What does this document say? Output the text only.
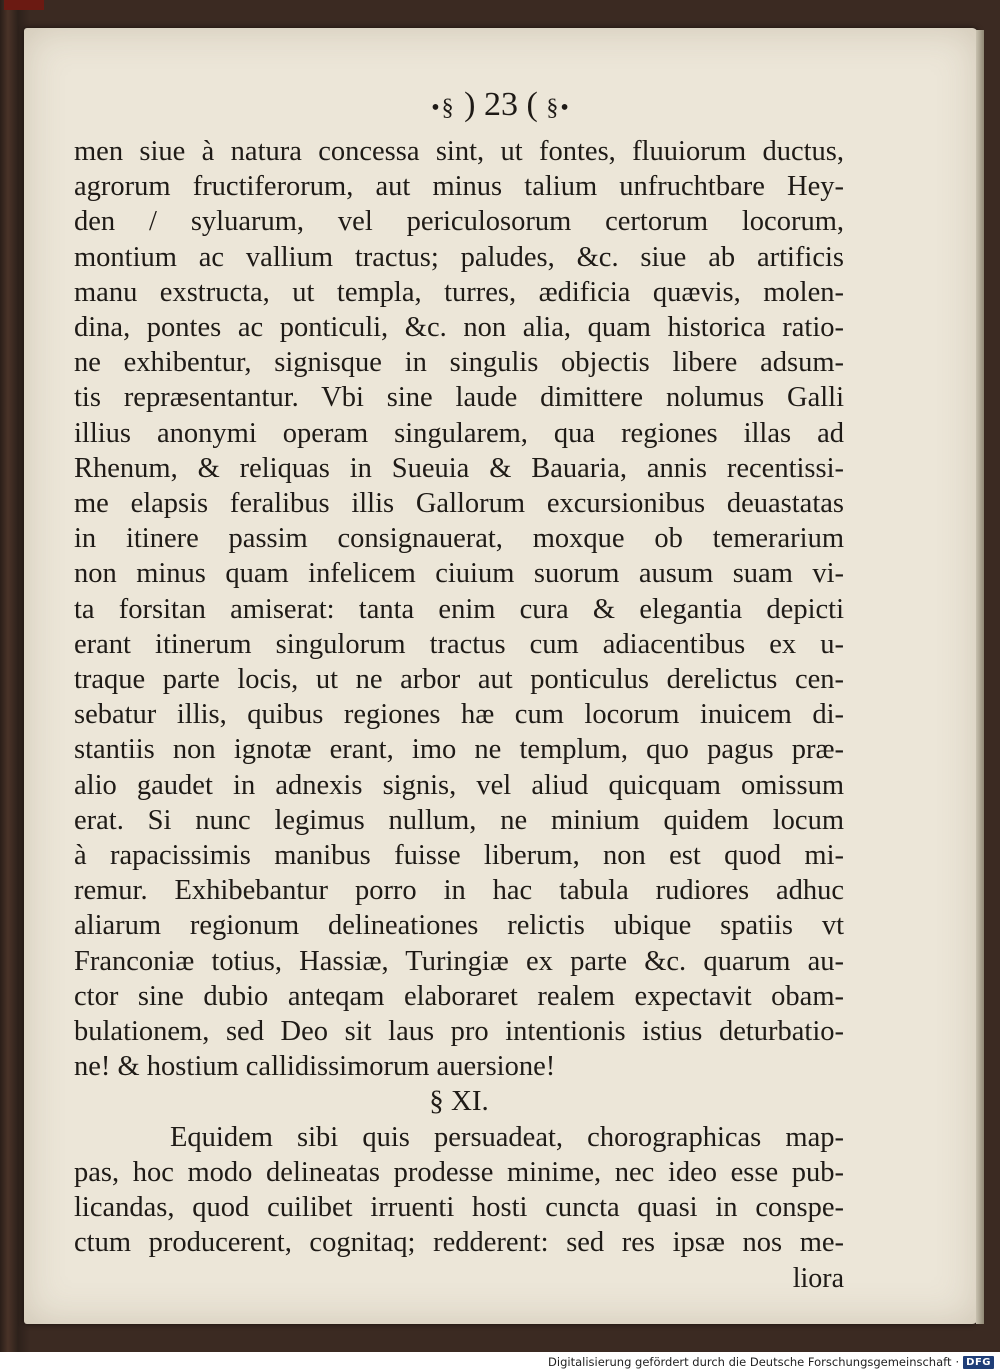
•§ ) 23 ( §•
men siue à natura concessa sint, ut fontes, fluuiorum ductus,
agrorum fructiferorum, aut minus talium unfruchtbare Hey-
den / syluarum, vel periculosorum certorum locorum,
montium ac vallium tractus; paludes, &c. siue ab artificis
manu exstructa, ut templa, turres, ædificia quævis, molen-
dina, pontes ac ponticuli, &c. non alia, quam historica ratio-
ne exhibentur, signisque in singulis objectis libere adsum-
tis repræsentantur. Vbi sine laude dimittere nolumus Galli
illius anonymi operam singularem, qua regiones illas ad
Rhenum, & reliquas in Sueuia & Bauaria, annis recentissi-
me elapsis feralibus illis Gallorum excursionibus deuastatas
in itinere passim consignauerat, moxque ob temerarium
non minus quam infelicem ciuium suorum ausum suam vi-
ta forsitan amiserat: tanta enim cura & elegantia depicti
erant itinerum singulorum tractus cum adiacentibus ex u-
traque parte locis, ut ne arbor aut ponticulus derelictus cen-
sebatur illis, quibus regiones hæ cum locorum inuicem di-
stantiis non ignotæ erant, imo ne templum, quo pagus præ-
alio gaudet in adnexis signis, vel aliud quicquam omissum
erat. Si nunc legimus nullum, ne minium quidem locum
à rapacissimis manibus fuisse liberum, non est quod mi-
remur. Exhibebantur porro in hac tabula rudiores adhuc
aliarum regionum delineationes relictis ubique spatiis vt
Franconiæ totius, Hassiæ, Turingiæ ex parte &c. quarum au-
ctor sine dubio anteqam elaboraret realem expectavit obam-
bulationem, sed Deo sit laus pro intentionis istius deturbatio-
ne! & hostium callidissimorum auersione!
§ XI.
Equidem sibi quis persuadeat, chorographicas map-
pas, hoc modo delineatas prodesse minime, nec ideo esse pub-
licandas, quod cuilibet irruenti hosti cuncta quasi in conspe-
ctum producerent, cognitaq; redderent: sed res ipsæ nos me-
liora
Digitalisierung gefördert durch die Deutsche Forschungsgemeinschaft · DFG
